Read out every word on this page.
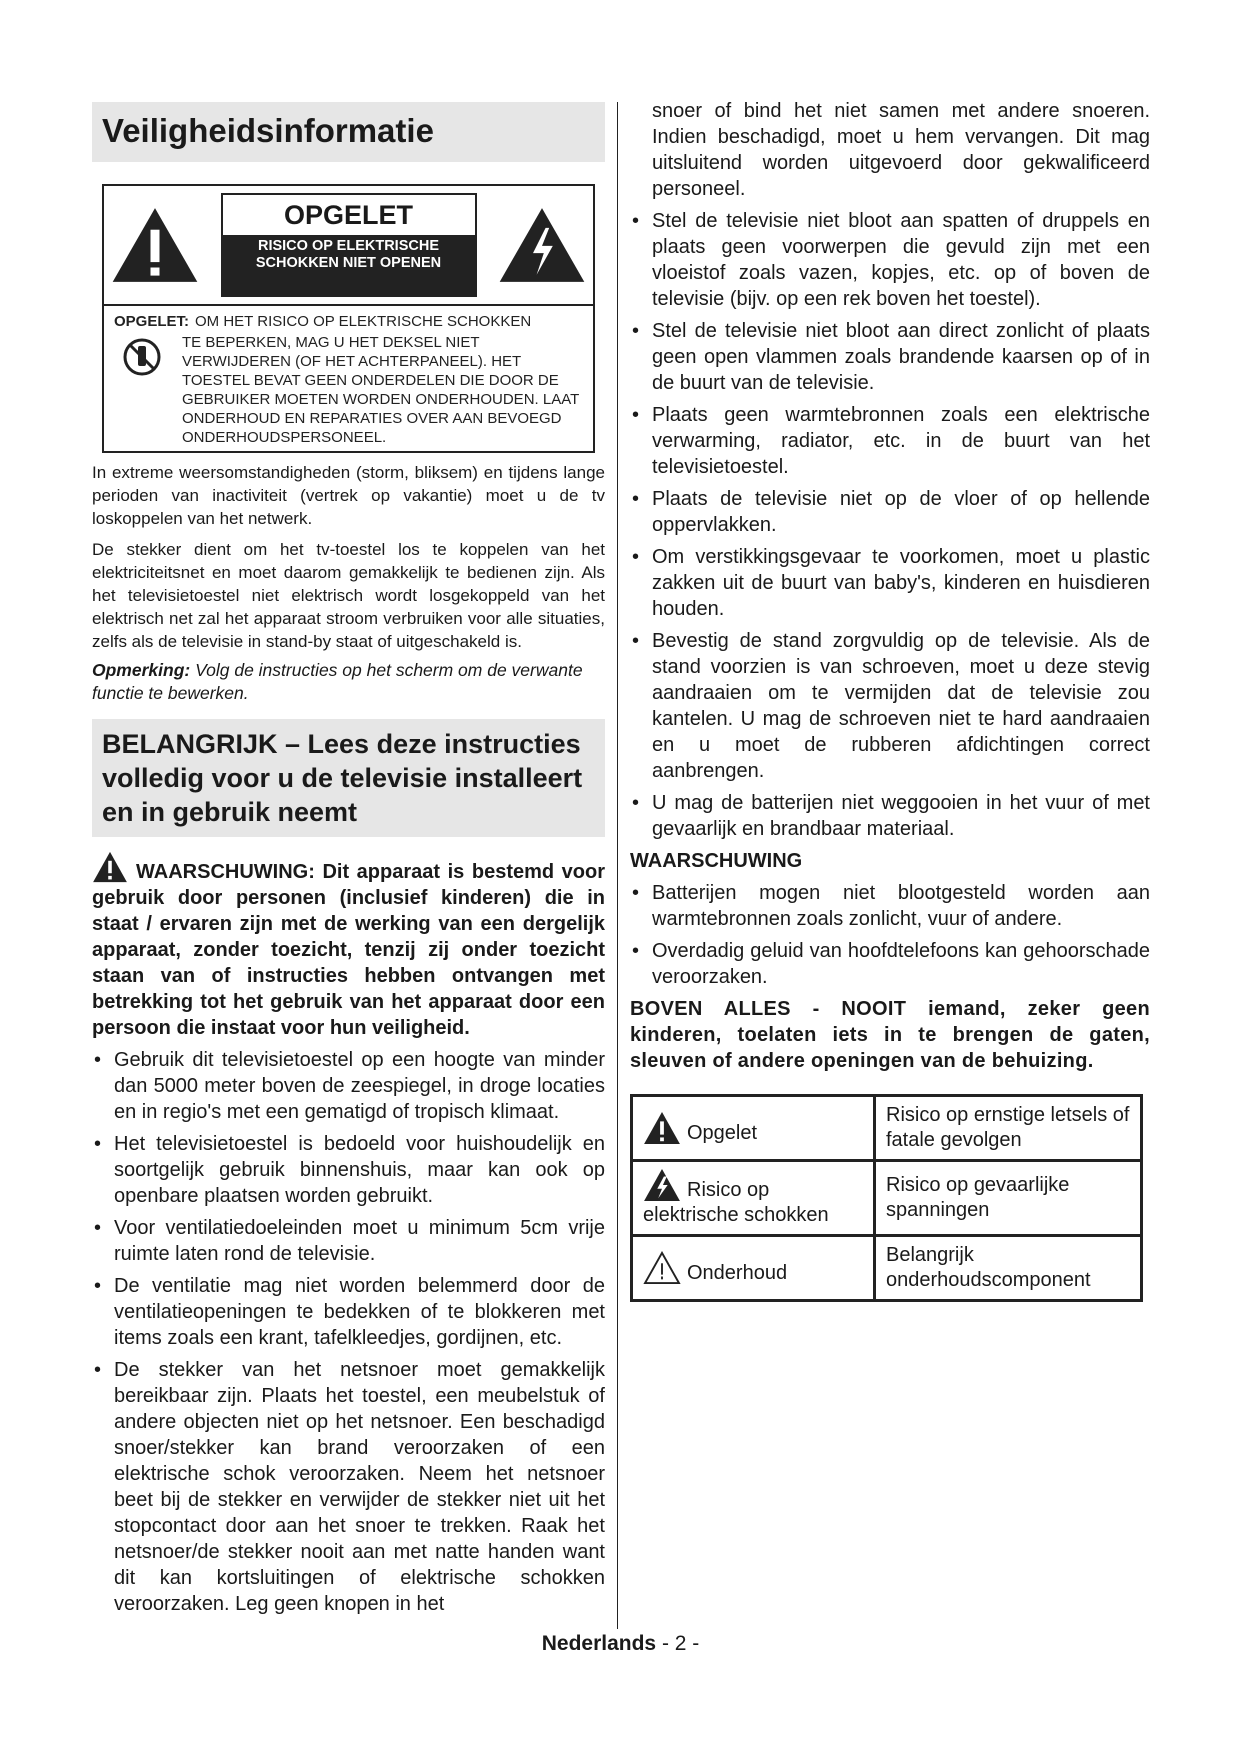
Veiligheidsinformatie
OPGELET
RISICO OP ELEKTRISCHE SCHOKKEN NIET OPENEN
OPGELET: OM HET RISICO OP ELEKTRISCHE SCHOKKEN
TE BEPERKEN, MAG U HET DEKSEL NIET VERWIJDEREN (OF HET ACHTERPANEEL). HET TOESTEL BEVAT GEEN ONDERDELEN DIE DOOR DE GEBRUIKER MOETEN WORDEN ONDERHOUDEN. LAAT ONDERHOUD EN REPARATIES OVER AAN BEVOEGD ONDERHOUDSPERSONEEL.

In extreme weersomstandigheden (storm, bliksem) en tijdens lange perioden van inactiviteit (vertrek op vakantie) moet u de tv loskoppelen van het netwerk.

De stekker dient om het tv-toestel los te koppelen van het elektriciteitsnet en moet daarom gemakkelijk te bedienen zijn. Als het televisietoestel niet elektrisch wordt losgekoppeld van het elektrisch net zal het apparaat stroom verbruiken voor alle situaties, zelfs als de televisie in stand-by staat of uitgeschakeld is.

Opmerking: Volg de instructies op het scherm om de verwante functie te bewerken.

BELANGRIJK – Lees deze instructies volledig voor u de televisie installeert en in gebruik neemt

WAARSCHUWING: Dit apparaat is bestemd voor gebruik door personen (inclusief kinderen) die in staat / ervaren zijn met de werking van een dergelijk apparaat, zonder toezicht, tenzij zij onder toezicht staan van of instructies hebben ontvangen met betrekking tot het gebruik van het apparaat door een persoon die instaat voor hun veiligheid.

• Gebruik dit televisietoestel op een hoogte van minder dan 5000 meter boven de zeespiegel, in droge locaties en in regio's met een gematigd of tropisch klimaat.
• Het televisietoestel is bedoeld voor huishoudelijk en soortgelijk gebruik binnenshuis, maar kan ook op openbare plaatsen worden gebruikt.
• Voor ventilatiedoeleinden moet u minimum 5cm vrije ruimte laten rond de televisie.
• De ventilatie mag niet worden belemmerd door de ventilatieopeningen te bedekken of te blokkeren met items zoals een krant, tafelkleedjes, gordijnen, etc.
• De stekker van het netsnoer moet gemakkelijk bereikbaar zijn. Plaats het toestel, een meubelstuk of andere objecten niet op het netsnoer. Een beschadigd snoer/stekker kan brand veroorzaken of een elektrische schok veroorzaken. Neem het netsnoer beet bij de stekker en verwijder de stekker niet uit het stopcontact door aan het snoer te trekken. Raak het netsnoer/de stekker nooit aan met natte handen want dit kan kortsluitingen of elektrische schokken veroorzaken. Leg geen knopen in het

snoer of bind het niet samen met andere snoeren. Indien beschadigd, moet u hem vervangen. Dit mag uitsluitend worden uitgevoerd door gekwalificeerd personeel.

• Stel de televisie niet bloot aan spatten of druppels en plaats geen voorwerpen die gevuld zijn met een vloeistof zoals vazen, kopjes, etc. op of boven de televisie (bijv. op een rek boven het toestel).
• Stel de televisie niet bloot aan direct zonlicht of plaats geen open vlammen zoals brandende kaarsen op of in de buurt van de televisie.
• Plaats geen warmtebronnen zoals een elektrische verwarming, radiator, etc. in de buurt van het televisietoestel.
• Plaats de televisie niet op de vloer of op hellende oppervlakken.
• Om verstikkingsgevaar te voorkomen, moet u plastic zakken uit de buurt van baby's, kinderen en huisdieren houden.
• Bevestig de stand zorgvuldig op de televisie. Als de stand voorzien is van schroeven, moet u deze stevig aandraaien om te vermijden dat de televisie zou kantelen. U mag de schroeven niet te hard aandraaien en u moet de rubberen afdichtingen correct aanbrengen.
• U mag de batterijen niet weggooien in het vuur of met gevaarlijk en brandbaar materiaal.
WAARSCHUWING
• Batterijen mogen niet blootgesteld worden aan warmtebronnen zoals zonlicht, vuur of andere.
• Overdadig geluid van hoofdtelefoons kan gehoorschade veroorzaken.

BOVEN ALLES - NOOIT iemand, zeker geen kinderen, toelaten iets in te brengen de gaten, sleuven of andere openingen van de behuizing.

Opgelet	Risico op ernstige letsels of fatale gevolgen
Risico op elektrische schokken	Risico op gevaarlijke spanningen
Onderhoud	Belangrijk onderhoudscomponent
Nederlands - 2 -
